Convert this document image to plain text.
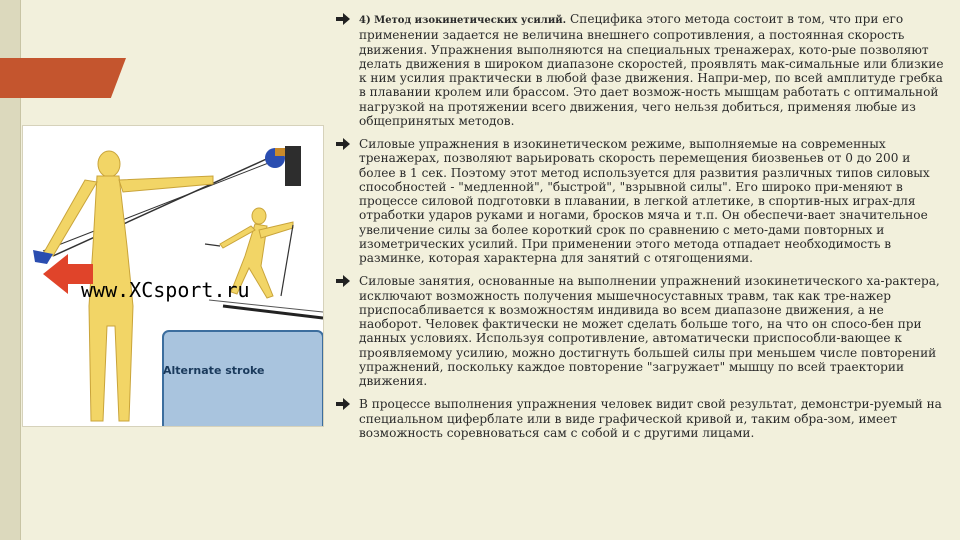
www.XCsport.ru
Alternate stroke
4) Метод изокинетических усилий. Специфика этого метода состоит в том, что при его применении задается не величина внешнего сопротивления, а постоянная скорость движения. Упражнения выполняются на специальных тренажерах, кото-рые позволяют делать движения в широком диапазоне скоростей, проявлять мак-симальные или близкие к ним усилия практически в любой фазе движения. Напри-мер, по всей амплитуде гребка в плавании кролем или брассом. Это дает возмож-ность мышцам работать с оптимальной нагрузкой на протяжении всего движения, чего нельзя добиться, применяя любые из общепринятых методов.
Силовые упражнения в изокинетическом режиме, выполняемые на современных тренажерах, позволяют варьировать скорость перемещения биозвеньев от 0 до 200 и более в 1 сек. Поэтому этот метод используется для развития различных типов силовых способностей - "медленной", "быстрой", "взрывной силы". Его широко при-меняют в процессе силовой подготовки в плавании, в легкой атлетике, в спортив-ных играх-для отработки ударов руками и ногами, бросков мяча и т.п. Он обеспечи-вает значительное увеличение силы за более короткий срок по сравнению с мето-дами повторных и изометрических усилий. При применении этого метода отпадает необходимость в разминке, которая характерна для занятий с отягощениями.
Силовые занятия, основанные на выполнении упражнений изокинетического ха-рактера, исключают возможность получения мышечносуставных травм, так как тре-нажер приспосабливается к возможностям индивида во всем диапазоне движения, а не наоборот. Человек фактически не может сделать больше того, на что он спосо-бен при данных условиях. Используя сопротивление, автоматически приспособли-вающее к проявляемому усилию, можно достигнуть большей силы при меньшем числе повторений упражнений, поскольку каждое повторение "загружает" мышцу по всей траектории движения.
В процессе выполнения упражнения человек видит свой результат, демонстри-руемый на специальном циферблате или в виде графической кривой и, таким обра-зом, имеет возможность соревноваться сам с собой и с другими лицами.
